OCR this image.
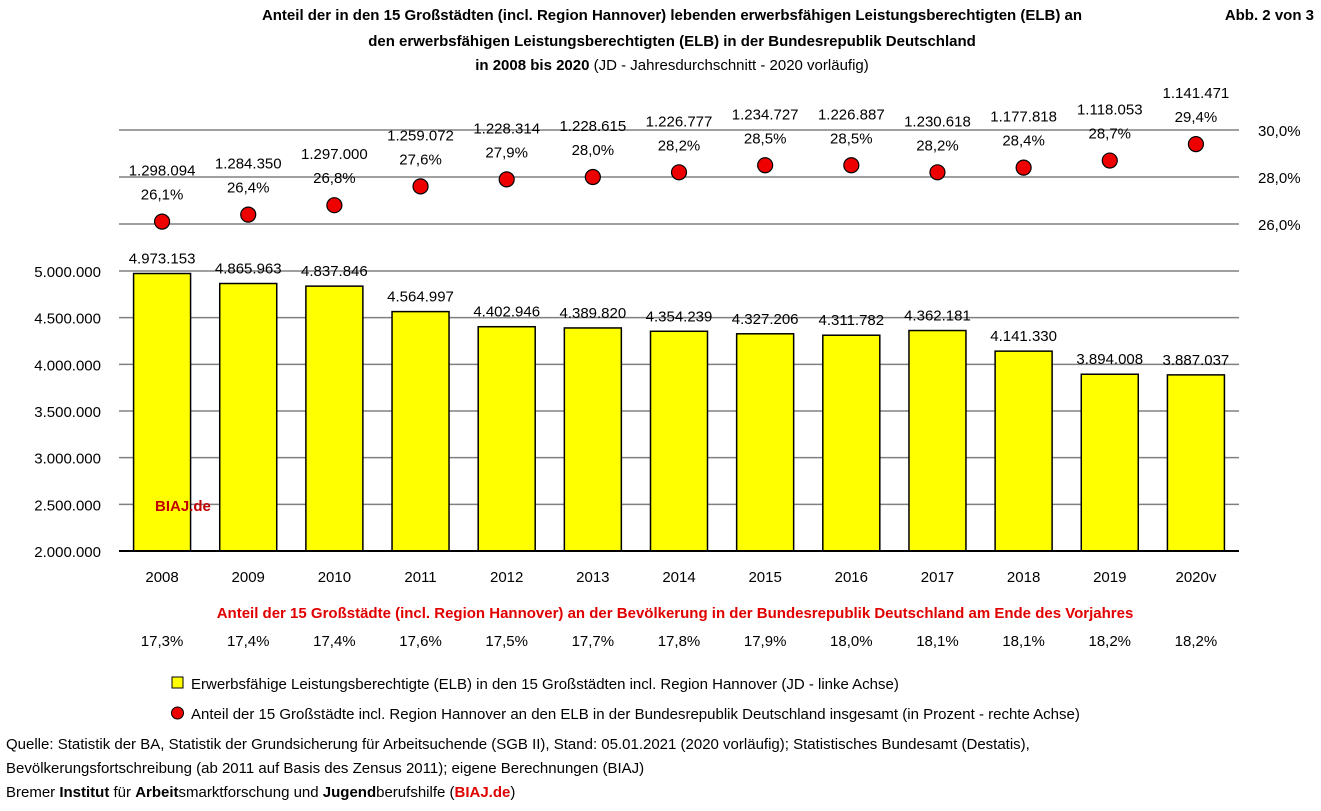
Anteil der in den 15 Großstädten (incl. Region Hannover) lebenden erwerbsfähigen Leistungsberechtigten (ELB) an
den erwerbsfähigen Leistungsberechtigten (ELB) in der Bundesrepublik Deutschland
in 2008 bis 2020 (JD - Jahresdurchschnitt - 2020 vorläufig)
Abb. 2 von 3
26,0%
28,0%
30,0%
2.000.000
2.500.000
3.000.000
3.500.000
4.000.000
4.500.000
5.000.000
4.973.153
4.865.963 4.837.846
4.564.997
4.402.946 4.389.820 4.354.239 4.327.206 4.311.782 4.362.181
4.141.330
3.894.008 3.887.037
2008	2009	2010	2011	2012	2013	2014	2015	2016	2017	2018	2019	2020v
26,1%
1.298.094
26,4%
1.284.350
26,8%
1.297.000 27,6%
1.259.072
27,9%
1.228.314
28,0%
1.228.615
28,2%
1.226.777
28,5%
1.234.727
28,5%
1.226.887
28,2%
1.230.618
28,4%
1.177.818
28,7%
1.118.053 29,4%
1.141.471
BIAJ.de
Anteil der 15 Großstädte (incl. Region Hannover) an der Bevölkerung in der Bundesrepublik Deutschland am Ende des Vorjahres
17,3%	17,4%	17,4%	17,6%	17,5%	17,7%	17,8%	17,9%	18,0%	18,1%	18,1%	18,2%	18,2%
Erwerbsfähige Leistungsberechtigte (ELB) in den 15 Großstädten incl. Region Hannover (JD - linke Achse)
Anteil der 15 Großstädte incl. Region Hannover an den ELB in der Bundesrepublik Deutschland insgesamt (in Prozent - rechte Achse)
Quelle: Statistik der BA, Statistik der Grundsicherung für Arbeitsuchende (SGB II), Stand: 05.01.2021 (2020 vorläufig); Statistisches Bundesamt (Destatis),
Bevölkerungsfortschreibung (ab 2011 auf Basis des Zensus 2011); eigene Berechnungen (BIAJ)
Bremer Institut für Arbeitsmarktforschung und Jugendberufshilfe (BIAJ.de)
